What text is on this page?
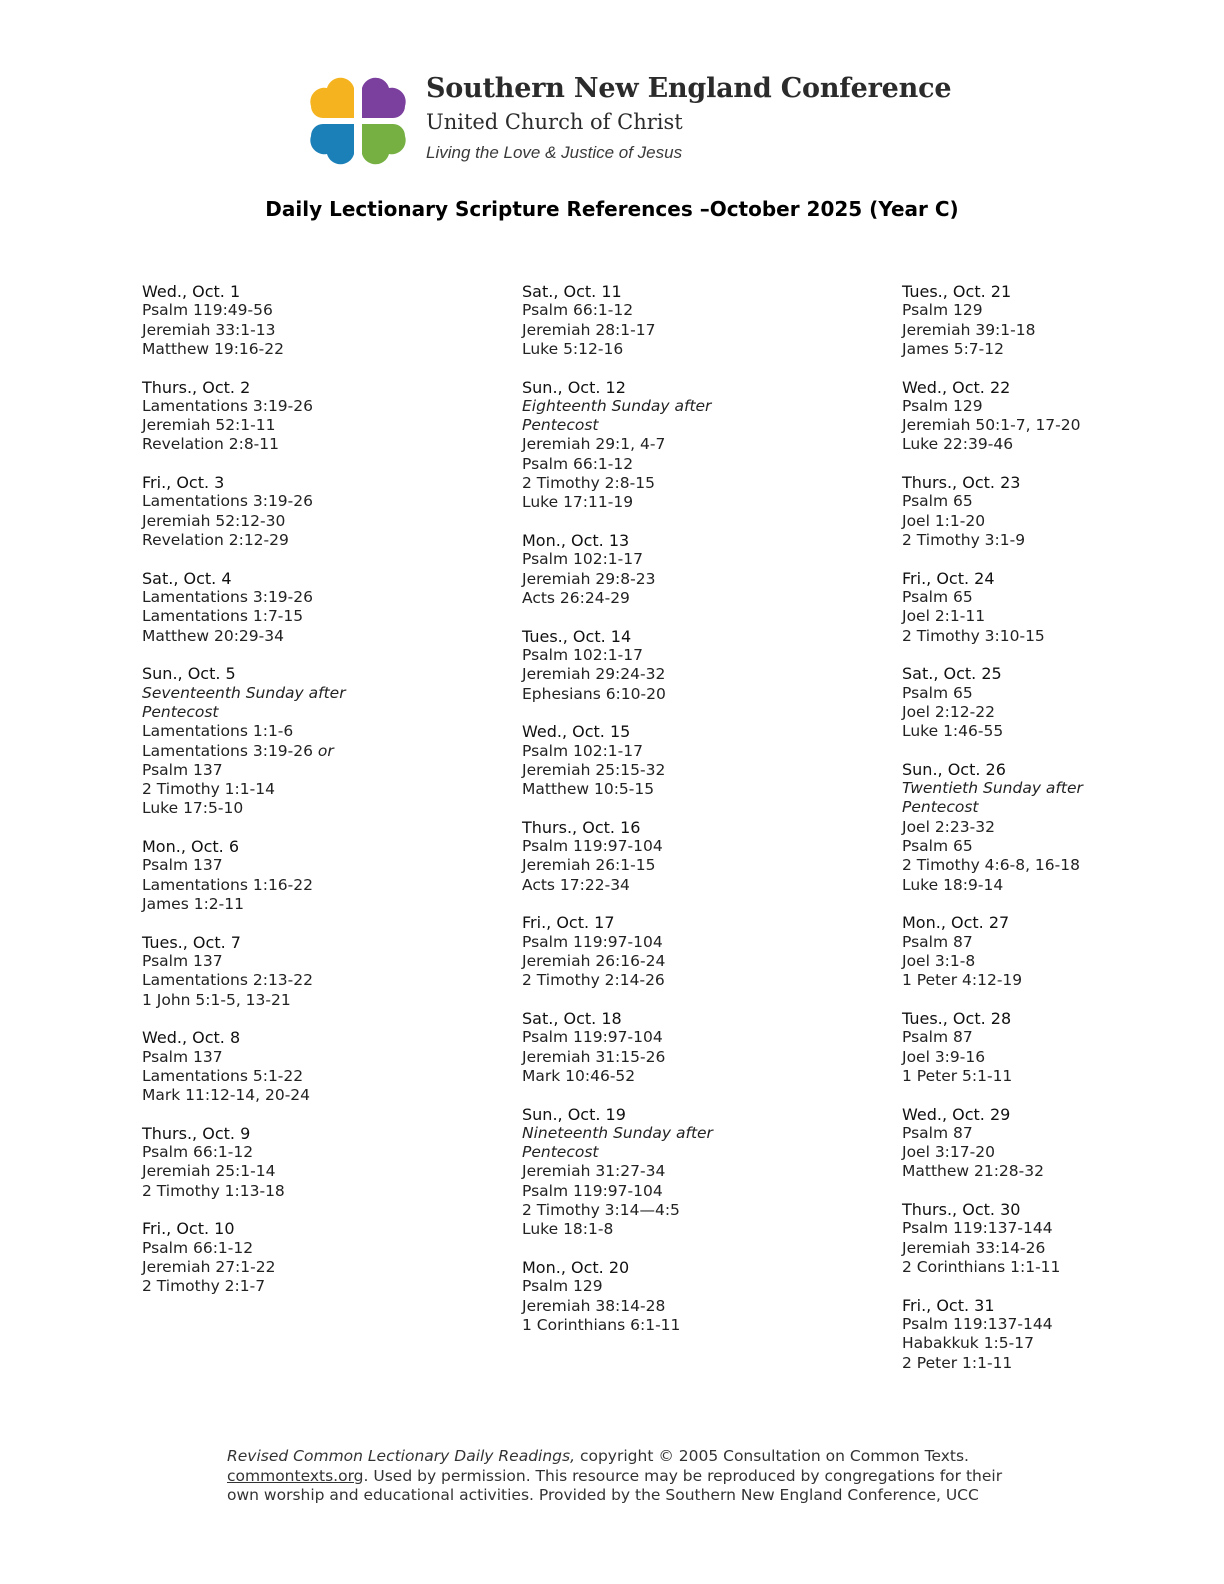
Southern New England Conference
United Church of Christ
Living the Love & Justice of Jesus
Daily Lectionary Scripture References –October 2025 (Year C)
Wed., Oct. 1
Psalm 119:49-56
Jeremiah 33:1-13
Matthew 19:16-22
Thurs., Oct. 2
Lamentations 3:19-26
Jeremiah 52:1-11
Revelation 2:8-11
Fri., Oct. 3
Lamentations 3:19-26
Jeremiah 52:12-30
Revelation 2:12-29
Sat., Oct. 4
Lamentations 3:19-26
Lamentations 1:7-15
Matthew 20:29-34
Sun., Oct. 5
Seventeenth Sunday after
Pentecost
Lamentations 1:1-6
Lamentations 3:19-26 or
Psalm 137
2 Timothy 1:1-14
Luke 17:5-10
Mon., Oct. 6
Psalm 137
Lamentations 1:16-22
James 1:2-11
Tues., Oct. 7
Psalm 137
Lamentations 2:13-22
1 John 5:1-5, 13-21
Wed., Oct. 8
Psalm 137
Lamentations 5:1-22
Mark 11:12-14, 20-24
Thurs., Oct. 9
Psalm 66:1-12
Jeremiah 25:1-14
2 Timothy 1:13-18
Fri., Oct. 10
Psalm 66:1-12
Jeremiah 27:1-22
2 Timothy 2:1-7
Sat., Oct. 11
Psalm 66:1-12
Jeremiah 28:1-17
Luke 5:12-16
Sun., Oct. 12
Eighteenth Sunday after
Pentecost
Jeremiah 29:1, 4-7
Psalm 66:1-12
2 Timothy 2:8-15
Luke 17:11-19
Mon., Oct. 13
Psalm 102:1-17
Jeremiah 29:8-23
Acts 26:24-29
Tues., Oct. 14
Psalm 102:1-17
Jeremiah 29:24-32
Ephesians 6:10-20
Wed., Oct. 15
Psalm 102:1-17
Jeremiah 25:15-32
Matthew 10:5-15
Thurs., Oct. 16
Psalm 119:97-104
Jeremiah 26:1-15
Acts 17:22-34
Fri., Oct. 17
Psalm 119:97-104
Jeremiah 26:16-24
2 Timothy 2:14-26
Sat., Oct. 18
Psalm 119:97-104
Jeremiah 31:15-26
Mark 10:46-52
Sun., Oct. 19
Nineteenth Sunday after
Pentecost
Jeremiah 31:27-34
Psalm 119:97-104
2 Timothy 3:14—4:5
Luke 18:1-8
Mon., Oct. 20
Psalm 129
Jeremiah 38:14-28
1 Corinthians 6:1-11
Tues., Oct. 21
Psalm 129
Jeremiah 39:1-18
James 5:7-12
Wed., Oct. 22
Psalm 129
Jeremiah 50:1-7, 17-20
Luke 22:39-46
Thurs., Oct. 23
Psalm 65
Joel 1:1-20
2 Timothy 3:1-9
Fri., Oct. 24
Psalm 65
Joel 2:1-11
2 Timothy 3:10-15
Sat., Oct. 25
Psalm 65
Joel 2:12-22
Luke 1:46-55
Sun., Oct. 26
Twentieth Sunday after
Pentecost
Joel 2:23-32
Psalm 65
2 Timothy 4:6-8, 16-18
Luke 18:9-14
Mon., Oct. 27
Psalm 87
Joel 3:1-8
1 Peter 4:12-19
Tues., Oct. 28
Psalm 87
Joel 3:9-16
1 Peter 5:1-11
Wed., Oct. 29
Psalm 87
Joel 3:17-20
Matthew 21:28-32
Thurs., Oct. 30
Psalm 119:137-144
Jeremiah 33:14-26
2 Corinthians 1:1-11
Fri., Oct. 31
Psalm 119:137-144
Habakkuk 1:5-17
2 Peter 1:1-11
Revised Common Lectionary Daily Readings, copyright © 2005 Consultation on Common Texts.
commontexts.org. Used by permission. This resource may be reproduced by congregations for their
own worship and educational activities. Provided by the Southern New England Conference, UCC
